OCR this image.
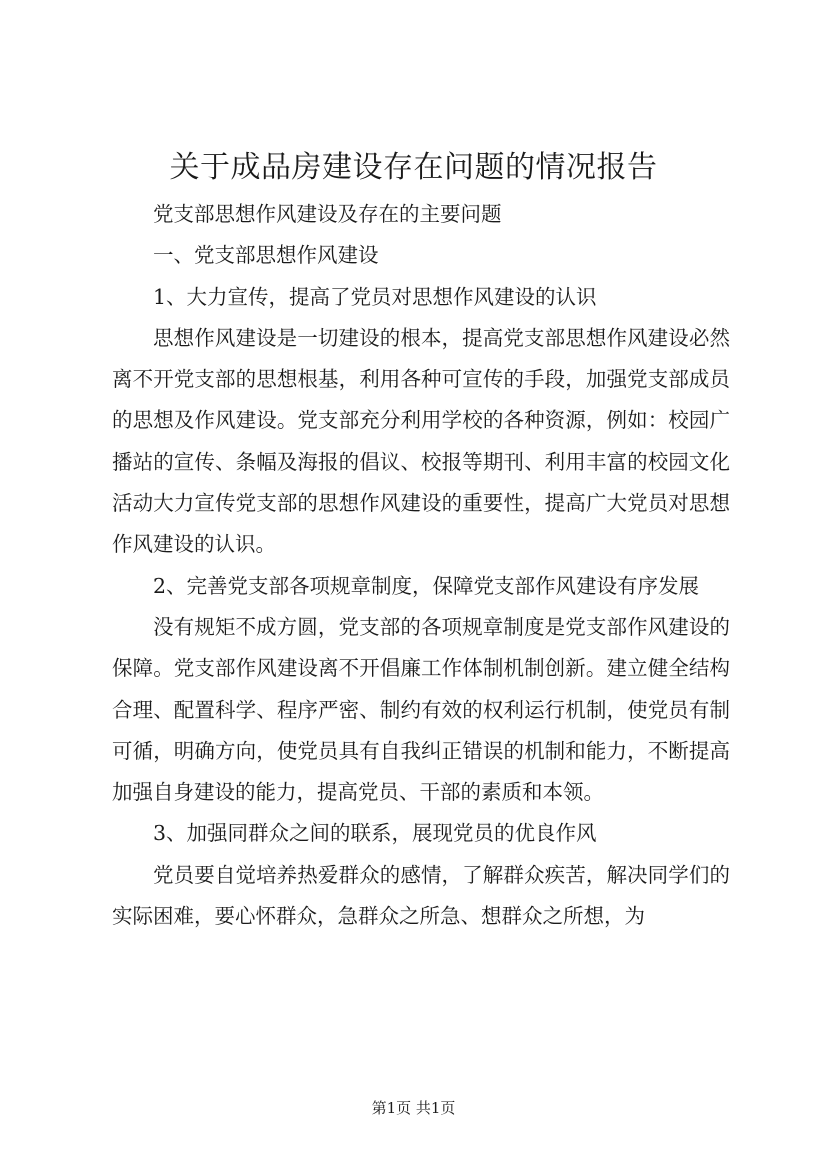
关于成品房建设存在问题的情况报告

党支部思想作风建设及存在的主要问题

一、党支部思想作风建设

1、大力宣传，提高了党员对思想作风建设的认识

思想作风建设是一切建设的根本，提高党支部思想作风建设必然离不开党支部的思想根基，利用各种可宣传的手段，加强党支部成员的思想及作风建设。党支部充分利用学校的各种资源，例如：校园广播站的宣传、条幅及海报的倡议、校报等期刊、利用丰富的校园文化活动大力宣传党支部的思想作风建设的重要性，提高广大党员对思想作风建设的认识。

2、完善党支部各项规章制度，保障党支部作风建设有序发展

没有规矩不成方圆，党支部的各项规章制度是党支部作风建设的保障。党支部作风建设离不开倡廉工作体制机制创新。建立健全结构合理、配置科学、程序严密、制约有效的权利运行机制，使党员有制可循，明确方向，使党员具有自我纠正错误的机制和能力，不断提高加强自身建设的能力，提高党员、干部的素质和本领。

3、加强同群众之间的联系，展现党员的优良作风

党员要自觉培养热爱群众的感情，了解群众疾苦，解决同学们的实际困难，要心怀群众，急群众之所急、想群众之所想，为

第1页 共1页
